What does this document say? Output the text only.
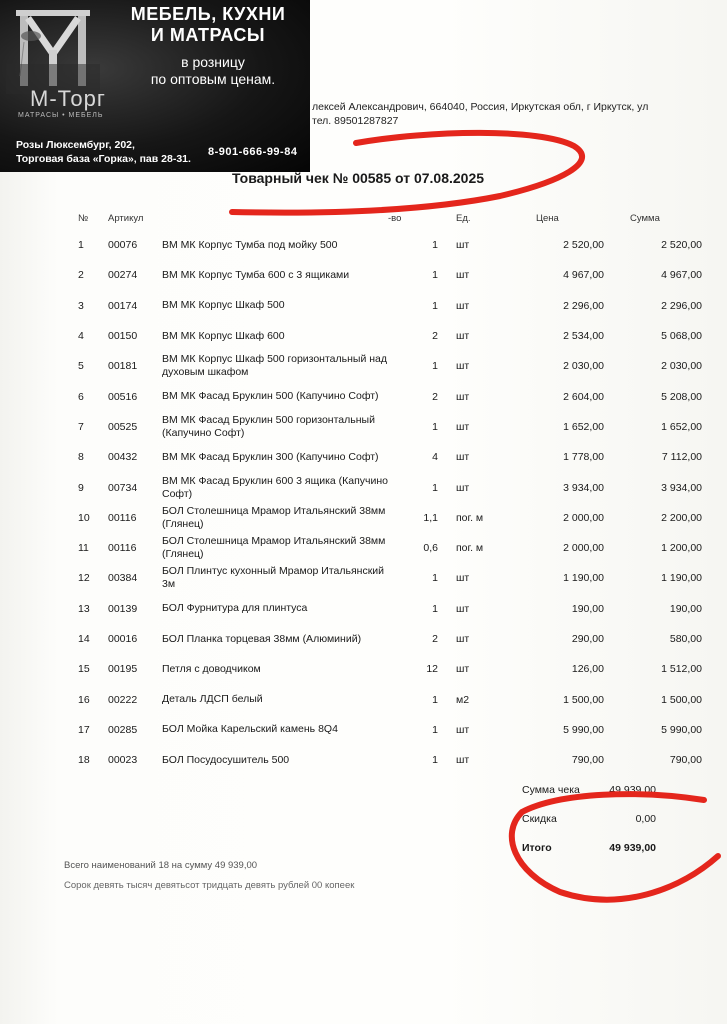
М-Торг
МАТРАСЫ • МЕБЕЛЬ
МЕБЕЛЬ, КУХНИ
И МАТРАСЫ
в розницу
по оптовым ценам.
Розы Люксембург, 202,
Торговая база «Горка», пав 28-31.
8-901-666-99-84
лексей Александрович, 664040, Россия, Иркутская обл, г Иркутск, ул
тел. 89501287827
Товарный чек № 00585 от 07.08.2025
№	Артикул		-во	Ед.	Цена	Сумма
1	00076	ВМ МК Корпус Тумба под мойку 500	1	шт	2 520,00	2 520,00
2	00274	ВМ МК Корпус Тумба 600 с 3 ящиками	1	шт	4 967,00	4 967,00
3	00174	ВМ МК Корпус Шкаф 500	1	шт	2 296,00	2 296,00
4	00150	ВМ МК Корпус Шкаф 600	2	шт	2 534,00	5 068,00
5	00181	ВМ МК Корпус Шкаф 500 горизонтальный над духовым шкафом	1	шт	2 030,00	2 030,00
6	00516	ВМ МК Фасад Бруклин 500 (Капучино Софт)	2	шт	2 604,00	5 208,00
7	00525	ВМ МК Фасад Бруклин 500 горизонтальный (Капучино Софт)	1	шт	1 652,00	1 652,00
8	00432	ВМ МК Фасад Бруклин 300 (Капучино Софт)	4	шт	1 778,00	7 112,00
9	00734	ВМ МК Фасад Бруклин 600 3 ящика (Капучино Софт)	1	шт	3 934,00	3 934,00
10	00116	БОЛ Столешница Мрамор Итальянский 38мм (Глянец)	1,1	пог. м	2 000,00	2 200,00
11	00116	БОЛ Столешница Мрамор Итальянский 38мм (Глянец)	0,6	пог. м	2 000,00	1 200,00
12	00384	БОЛ Плинтус кухонный Мрамор Итальянский 3м	1	шт	1 190,00	1 190,00
13	00139	БОЛ Фурнитура для плинтуса	1	шт	190,00	190,00
14	00016	БОЛ Планка торцевая 38мм (Алюминий)	2	шт	290,00	580,00
15	00195	Петля с доводчиком	12	шт	126,00	1 512,00
16	00222	Деталь ЛДСП белый	1	м2	1 500,00	1 500,00
17	00285	БОЛ Мойка Карельский камень 8Q4	1	шт	5 990,00	5 990,00
18	00023	БОЛ Посудосушитель 500	1	шт	790,00	790,00
Сумма чека	49 939,00
Скидка	0,00
Итого	49 939,00
Всего наименований 18 на сумму 49 939,00
Сорок девять тысяч девятьсот тридцать девять рублей 00 копеек
